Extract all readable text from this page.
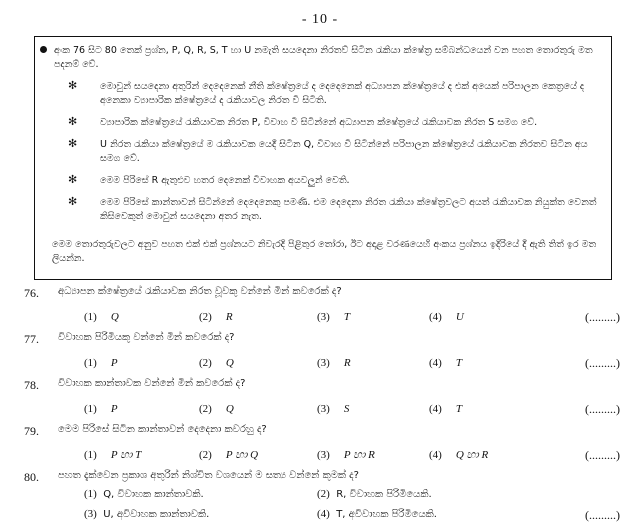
- 10 -
අංක 76 සිට 80 තෙක් ප්‍රශ්න, P, Q, R, S, T හා U නමැති සයදෙනා නිරතව් සිටින රැකියා ක්ෂේත්‍ර සම්බන්ධයෙන් වන පහත තොරතුරු මත පදනම් වේ.
✻ මොවුන් සයදෙනා අතුරින් දෙදෙනෙක් නීති ක්ෂේත්‍රයේ ද දෙදෙනෙක් අධ්‍යාපන ක්ෂේත්‍රයේ ද එක් අයෙක් පරිපාලන කෙත්‍රයේ ද අනෙකා ව්‍යාපාරික ක්ෂේත්‍රයේ ද රැකියාවල නිරත වී සිටිති.
✻ ව්‍යාපාරික ක්ෂේත්‍රයේ රැකියාවක නිරත P, විවාහ වී සිටින්නේ අධ්‍යාපන ක්ෂේත්‍රයේ රැකියාවක නිරත S සමග වේ.
✻ U නිරත රැකියා ක්ෂේත්‍රයේ ම රැකියාවක යෙදී සිටින Q, විවාහ වී සිටින්නේ පරිපාලන ක්ෂේත්‍රයේ රැකියාවක නිරතව සිටින අය සමග වේ.
✻ මෙම පිරිසේ R ඇතුළුව හතර දෙනෙක් විවාහක අයවලුන් වෙති.
✻ මෙම පිරිසේ කාන්තාවන් සිටින්නේ දෙදෙනෙකු පමණි. එම දෙදෙනා නිරත රැකියා ක්ෂේත්‍රවලට අයත් රැකියාවක නියුක්ත වෙනත් කිසිවෙකුත් මොවුන් සයදෙනා අතර නැත.
මෙම තොරතුරුවලට අනුව පහත එක් එක් ප්‍රශ්නයට නිවැරදි පිළිතුර තෝරා, ඊට අදාළ වරණයෙහි අංකය ප්‍රශ්නය ඉදිරියේ දී ඇති තිත් ඉර මත ලියන්න.
76. අධ්‍යාපන ක්ෂේත්‍රයේ රැකියාවක නිරත වූවකු වන්නේ මින් කවරෙක් ද?
(1) Q	(2) R	(3) T	(4) U	(.........)
77. විවාහක පිරිමියකු වන්නේ මින් කවරෙක් ද?
(1) P	(2) Q	(3) R	(4) T	(.........)
78. විවාහක කාන්තාවක වන්නේ මින් කවරෙක් ද?
(1) P	(2) Q	(3) S	(4) T	(.........)
79. මෙම පිරිසේ සිටින කාන්තාවන් දෙදෙනා කවරහු ද?
(1) P හා T	(2) P හා Q	(3) P හා R	(4) Q හා R	(.........)
80. පහත දැක්වෙන ප්‍රකාශ අතුරින් නිශ්චිත වශයෙන් ම සත්‍ය වන්නේ කුමක් ද?
(1) Q, විවාහක කාන්තාවකි.	(2) R, විවාහක පිරිමියෙකි.
(3) U, අවිවාහක කාන්තාවකි.	(4) T, අවිවාහක පිරිමියෙකි.	(.........)
